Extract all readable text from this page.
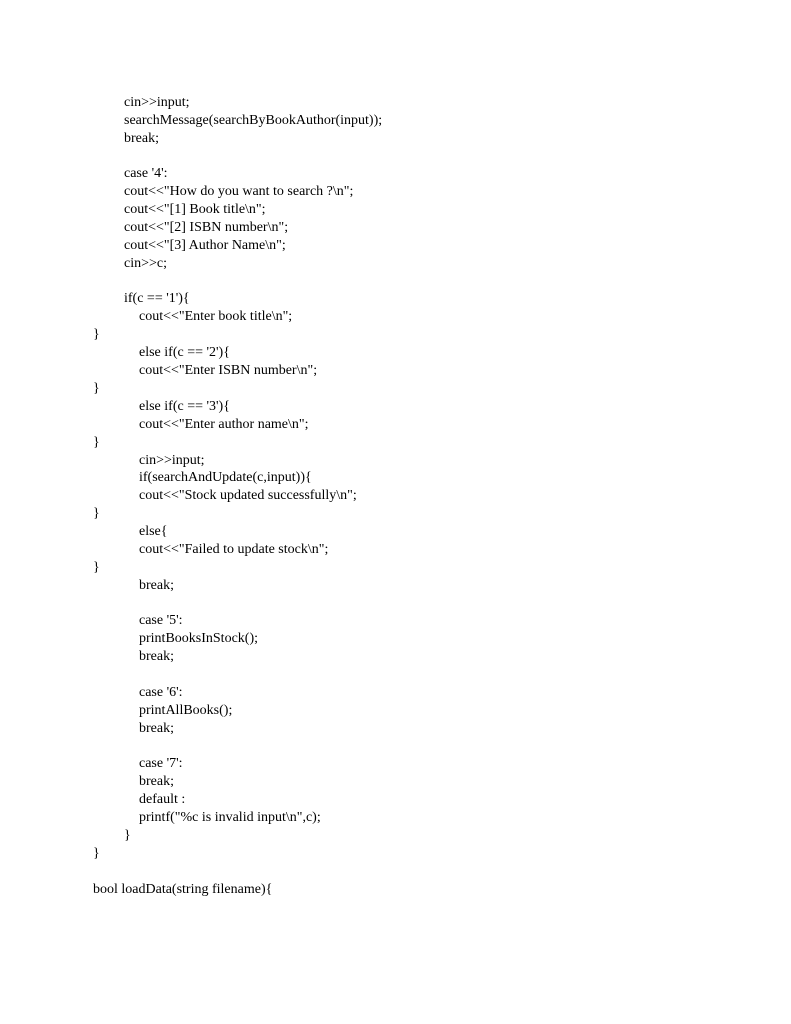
cin>>input;
searchMessage(searchByBookAuthor(input));
break;
case '4':
cout<<"How do you want to search ?\n";
cout<<"[1] Book title\n";
cout<<"[2] ISBN number\n";
cout<<"[3] Author Name\n";
cin>>c;
if(c == '1'){
cout<<"Enter book title\n";
}
else if(c == '2'){
cout<<"Enter ISBN number\n";
}
else if(c == '3'){
cout<<"Enter author name\n";
}
cin>>input;
if(searchAndUpdate(c,input)){
cout<<"Stock updated successfully\n";
}
else{
cout<<"Failed to update stock\n";
}
break;
case '5':
printBooksInStock();
break;
case '6':
printAllBooks();
break;
case '7':
break;
default :
printf("%c is invalid input\n",c);
}
}
bool loadData(string filename){
